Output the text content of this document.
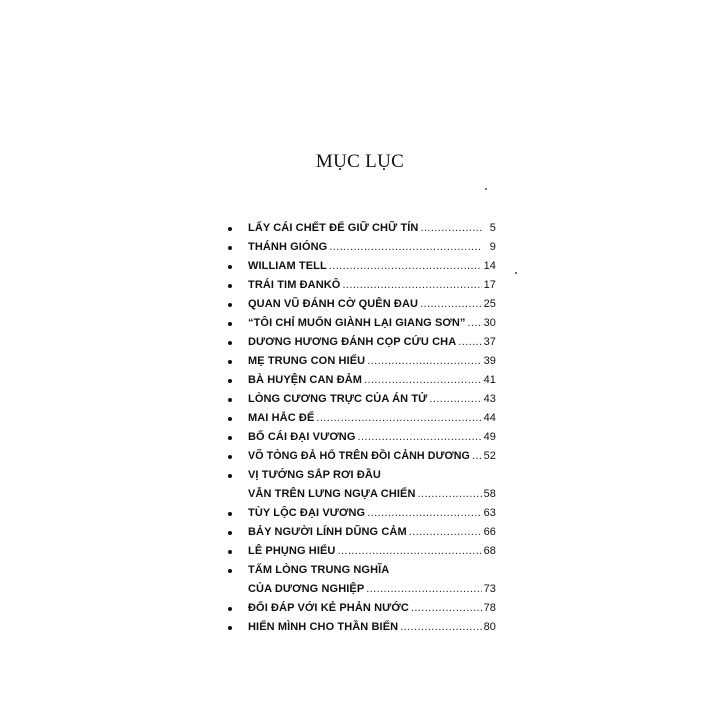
MỤC LỤC
LẤY CÁI CHẾT ĐỂ GIỮ CHỮ TÍN .....	5
THÁNH GIÓNG .....	9
WILLIAM TELL .....	14
TRÁI TIM ĐANKÔ .....	17
QUAN VŨ ĐÁNH CỜ QUÊN ĐAU .....	25
“TÔI CHỈ MUỐN GIÀNH LẠI GIANG SƠN” ..... 30
DƯƠNG HƯƠNG ĐÁNH CỌP CỨU CHA ..... 37
MẸ TRUNG CON HIẾU .....	39
BÀ HUYỆN CAN ĐẢM .....	41
LÒNG CƯƠNG TRỰC CỦA ÁN TỬ .....	43
MAI HẮC ĐẾ .....	44
BỐ CÁI ĐẠI VƯƠNG .....	49
VÕ TÒNG ĐẢ HỔ TRÊN ĐỒI CẢNH DƯƠNG ..... 52
VỊ TƯỚNG SẮP RƠI ĐẦU
VẪN TRÊN LƯNG NGỰA CHIẾN .....	58
TÙY LỘC ĐẠI VƯƠNG .....	63
BẢY NGƯỜI LÍNH DŨNG CẢM .....	66
LÊ PHỤNG HIỂU .....	68
TẤM LÒNG TRUNG NGHĨA
CỦA DƯƠNG NGHIỆP .....	73
ĐỐI ĐÁP VỚI KẺ PHẢN NƯỚC .....	78
HIẾN MÌNH CHO THẦN BIỂN .....	80
